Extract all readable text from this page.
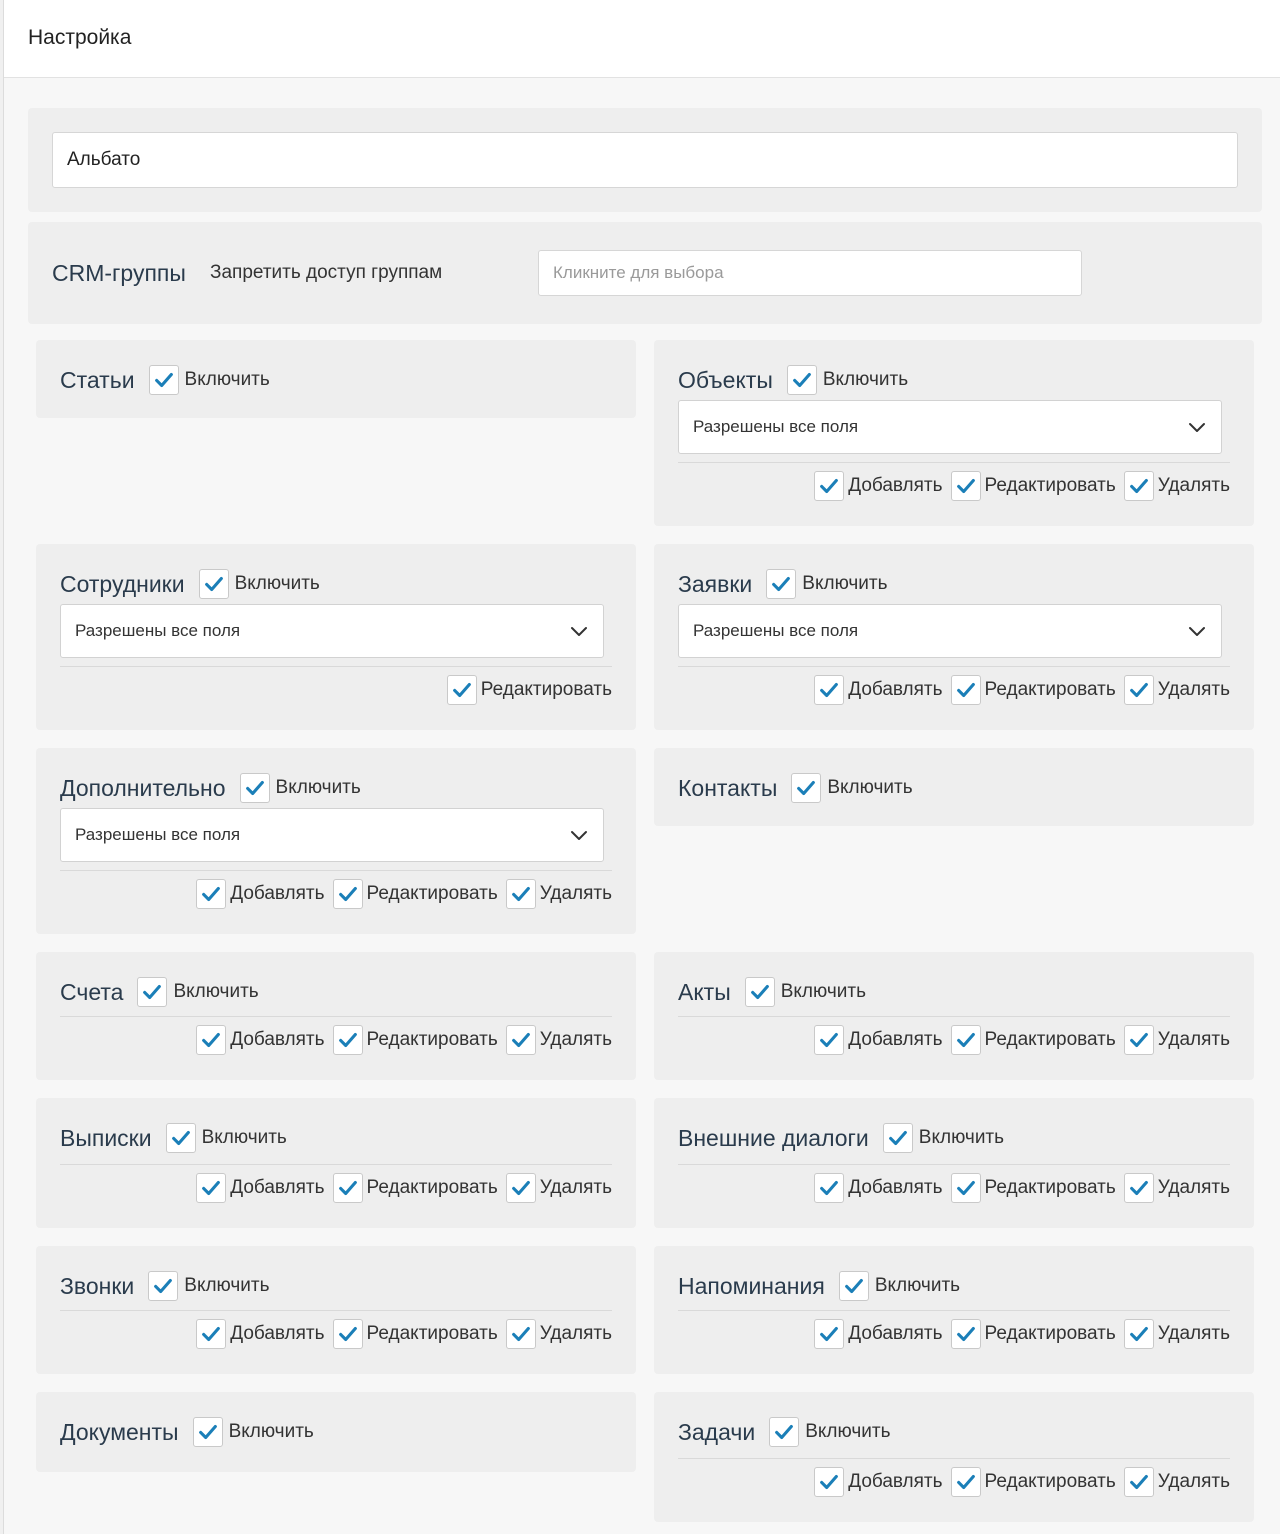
Настройка
Альбато
CRM-группы Запретить доступ группам
Кликните для выбора
Статьи	Включить	Объекты	Включить
Разрешены все поля
Добавлять Редактировать Удалять
Сотрудники	Включить
Разрешены все поля
Редактировать
Заявки	Включить
Разрешены все поля
Добавлять Редактировать Удалять
Дополнительно	Включить
Разрешены все поля
Добавлять Редактировать Удалять
Контакты	Включить
Счета	Включить
Добавлять Редактировать Удалять
Акты	Включить
Добавлять Редактировать Удалять
Выписки	Включить
Добавлять Редактировать Удалять
Внешние диалоги	Включить
Добавлять Редактировать Удалять
Звонки	Включить
Добавлять Редактировать Удалять
Напоминания	Включить
Добавлять Редактировать Удалять
Документы	Включить	Задачи	Включить
Добавлять Редактировать Удалять
